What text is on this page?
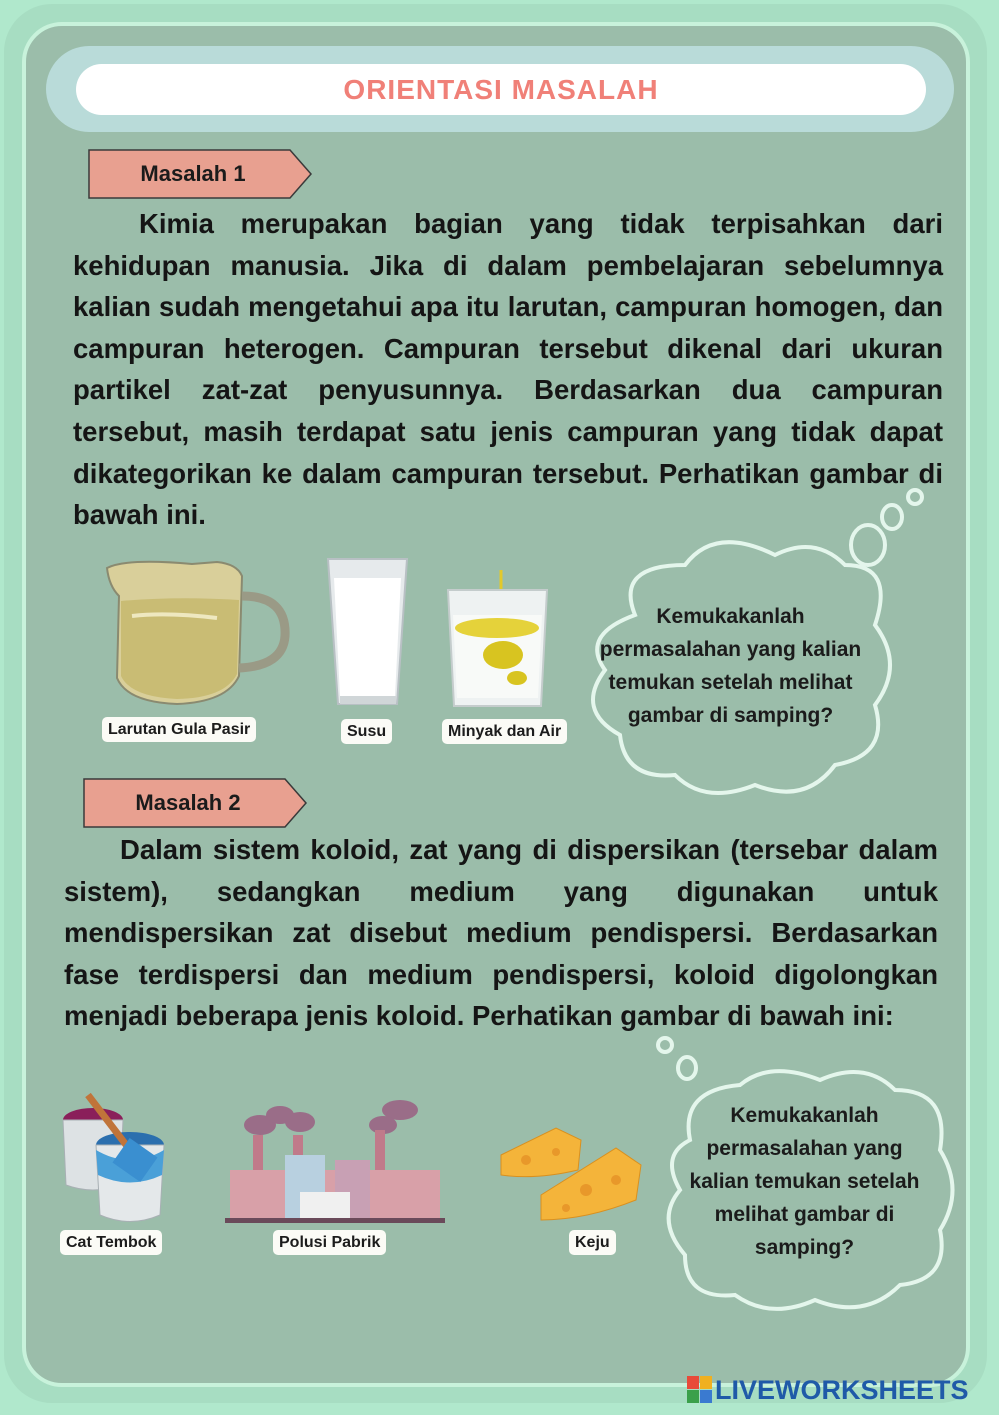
ORIENTASI MASALAH
Masalah 1

Kimia merupakan bagian yang tidak terpisahkan dari kehidupan manusia. Jika di dalam pembelajaran sebelumnya kalian sudah mengetahui apa itu larutan, campuran homogen, dan campuran heterogen. Campuran tersebut dikenal dari ukuran partikel zat-zat penyusunnya. Berdasarkan dua campuran tersebut, masih terdapat satu jenis campuran yang tidak dapat dikategorikan ke dalam campuran tersebut. Perhatikan gambar di bawah ini.

Larutan Gula Pasir	Susu	Minyak dan Air
Kemukakanlah permasalahan yang kalian temukan setelah melihat gambar di samping?
Masalah 2

Dalam sistem koloid, zat yang di dispersikan (tersebar dalam sistem), sedangkan medium yang digunakan untuk mendispersikan zat disebut medium pendispersi. Berdasarkan fase terdispersi dan medium pendispersi, koloid digolongkan menjadi beberapa jenis koloid. Perhatikan gambar di bawah ini:

Cat Tembok	Polusi Pabrik	Keju
Kemukakanlah permasalahan yang kalian temukan setelah melihat gambar di samping?
LIVEWORKSHEETS
